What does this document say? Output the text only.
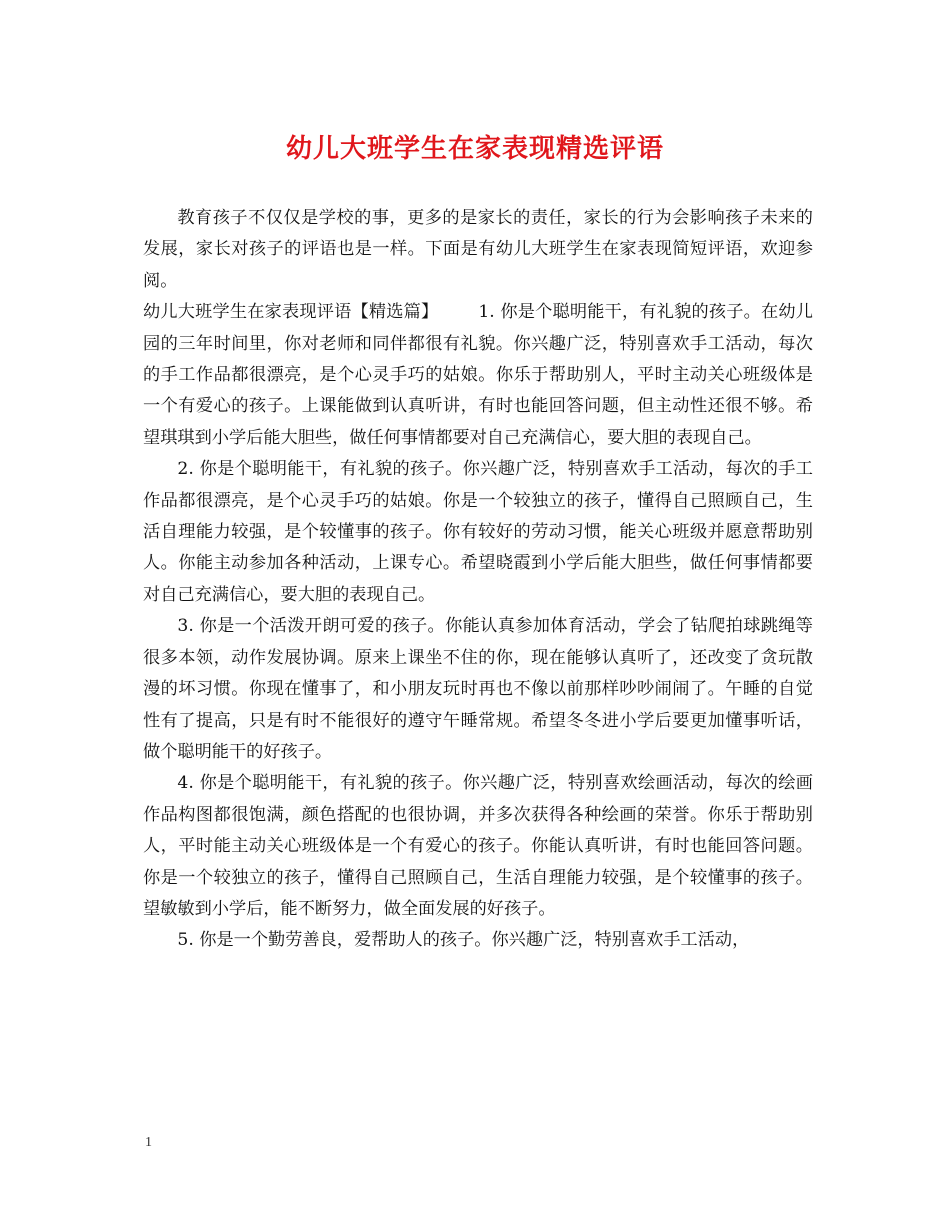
幼儿大班学生在家表现精选评语

教育孩子不仅仅是学校的事，更多的是家长的责任，家长的行为会影响孩子未来的发展，家长对孩子的评语也是一样。下面是有幼儿大班学生在家表现简短评语，欢迎参阅。

幼儿大班学生在家表现评语【精选篇】 1. 你是个聪明能干，有礼貌的孩子。在幼儿园的三年时间里，你对老师和同伴都很有礼貌。你兴趣广泛，特别喜欢手工活动，每次的手工作品都很漂亮，是个心灵手巧的姑娘。你乐于帮助别人，平时主动关心班级体是一个有爱心的孩子。上课能做到认真听讲，有时也能回答问题，但主动性还很不够。希望琪琪到小学后能大胆些，做任何事情都要对自己充满信心，要大胆的表现自己。

2. 你是个聪明能干，有礼貌的孩子。你兴趣广泛，特别喜欢手工活动，每次的手工作品都很漂亮，是个心灵手巧的姑娘。你是一个较独立的孩子，懂得自己照顾自己，生活自理能力较强，是个较懂事的孩子。你有较好的劳动习惯，能关心班级并愿意帮助别人。你能主动参加各种活动，上课专心。希望晓霞到小学后能大胆些，做任何事情都要对自己充满信心，要大胆的表现自己。

3. 你是一个活泼开朗可爱的孩子。你能认真参加体育活动，学会了钻爬拍球跳绳等很多本领，动作发展协调。原来上课坐不住的你，现在能够认真听了，还改变了贪玩散漫的坏习惯。你现在懂事了，和小朋友玩时再也不像以前那样吵吵闹闹了。午睡的自觉性有了提高，只是有时不能很好的遵守午睡常规。希望冬冬进小学后要更加懂事听话，做个聪明能干的好孩子。

4. 你是个聪明能干，有礼貌的孩子。你兴趣广泛，特别喜欢绘画活动，每次的绘画作品构图都很饱满，颜色搭配的也很协调，并多次获得各种绘画的荣誉。你乐于帮助别人，平时能主动关心班级体是一个有爱心的孩子。你能认真听讲，有时也能回答问题。你是一个较独立的孩子，懂得自己照顾自己，生活自理能力较强，是个较懂事的孩子。望敏敏到小学后，能不断努力，做全面发展的好孩子。

5. 你是一个勤劳善良，爱帮助人的孩子。你兴趣广泛，特别喜欢手工活动，

1
